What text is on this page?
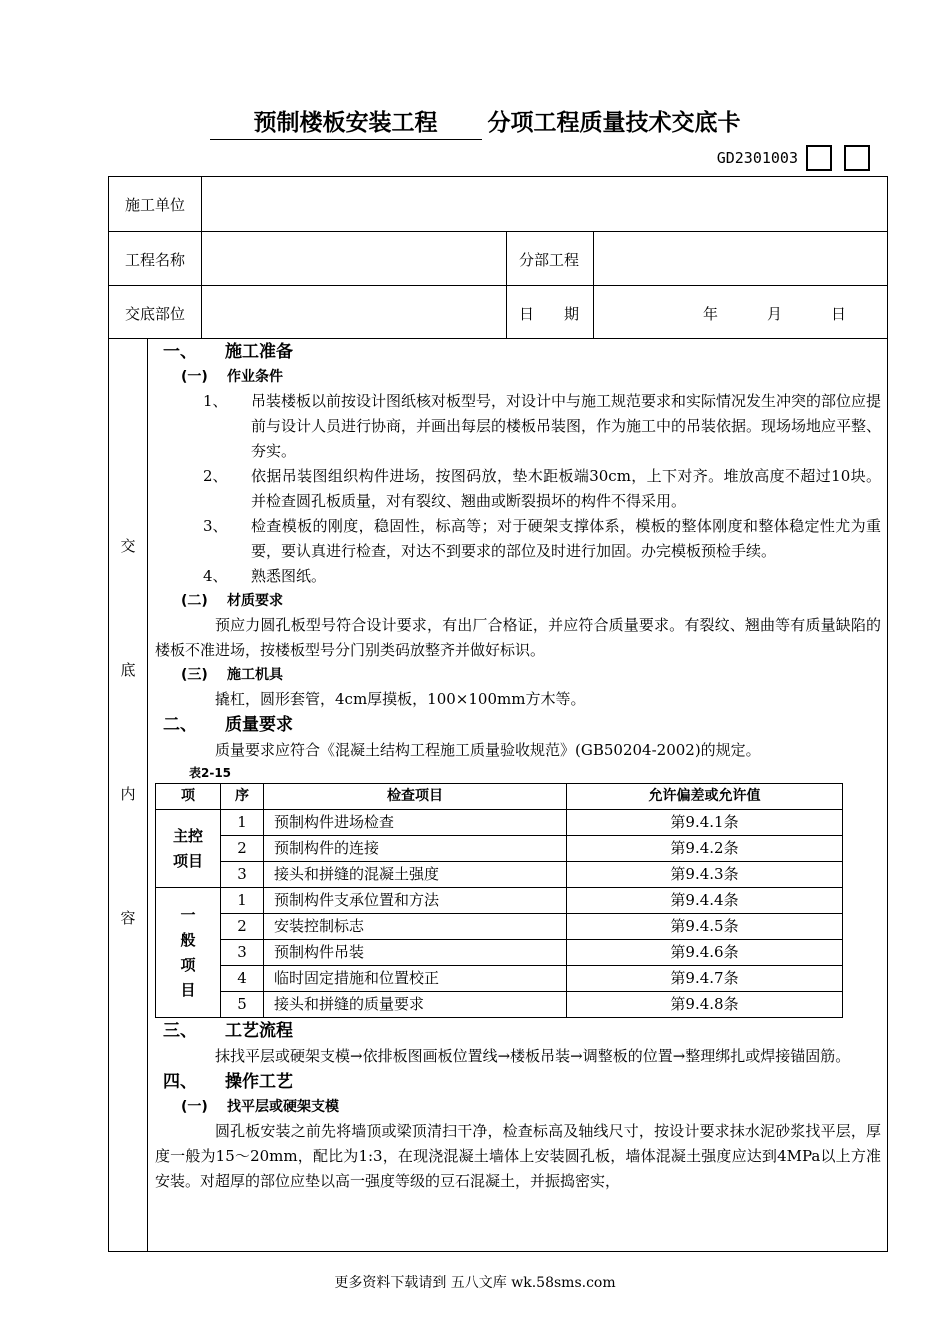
预制楼板安装工程 分项工程质量技术交底卡
GD2301003
施工单位
工程名称	分部工程
交底部位	日　　期	年	月	日
交
底
内
容
一、 施工准备
(一) 作业条件
1、	吊装楼板以前按设计图纸核对板型号，对设计中与施工规范要求和实际情况发生冲突的部位应提前与设计人员进行协商，并画出每层的楼板吊装图，作为施工中的吊装依据。现场场地应平整、夯实。
2、	依据吊装图组织构件进场，按图码放，垫木距板端30cm，上下对齐。堆放高度不超过10块。并检查圆孔板质量，对有裂纹、翘曲或断裂损坏的构件不得采用。
3、	检查模板的刚度，稳固性，标高等；对于硬架支撑体系，模板的整体刚度和整体稳定性尤为重要，要认真进行检查，对达不到要求的部位及时进行加固。办完模板预检手续。
4、	熟悉图纸。
(二) 材质要求
预应力圆孔板型号符合设计要求，有出厂合格证，并应符合质量要求。有裂纹、翘曲等有质量缺陷的楼板不准进场，按楼板型号分门别类码放整齐并做好标识。
(三) 施工机具
撬杠，圆形套管，4cm厚摸板，100×100mm方木等。
二、 质量要求
质量要求应符合《混凝土结构工程施工质量验收规范》(GB50204-2002)的规定。
表2-15
项	序	检查项目	允许偏差或允许值
主控
项目	1	预制构件进场检查	第9.4.1条
	2	预制构件的连接	第9.4.2条
	3	接头和拼缝的混凝土强度	第9.4.3条
一
般
项
目	1	预制构件支承位置和方法	第9.4.4条
	2	安装控制标志	第9.4.5条
	3	预制构件吊装	第9.4.6条
	4	临时固定措施和位置校正	第9.4.7条
	5	接头和拼缝的质量要求	第9.4.8条
三、 工艺流程
抹找平层或硬架支模→依排板图画板位置线→楼板吊装→调整板的位置→整理绑扎或焊接锚固筋。
四、 操作工艺
(一) 找平层或硬架支模
圆孔板安装之前先将墙顶或梁顶清扫干净，检查标高及轴线尺寸，按设计要求抹水泥砂浆找平层，厚度一般为15～20mm，配比为1:3，在现浇混凝土墙体上安装圆孔板，墙体混凝土强度应达到4MPa以上方准安装。对超厚的部位应垫以高一强度等级的豆石混凝土，并振捣密实，
更多资料下载请到 五八文库 wk.58sms.com
